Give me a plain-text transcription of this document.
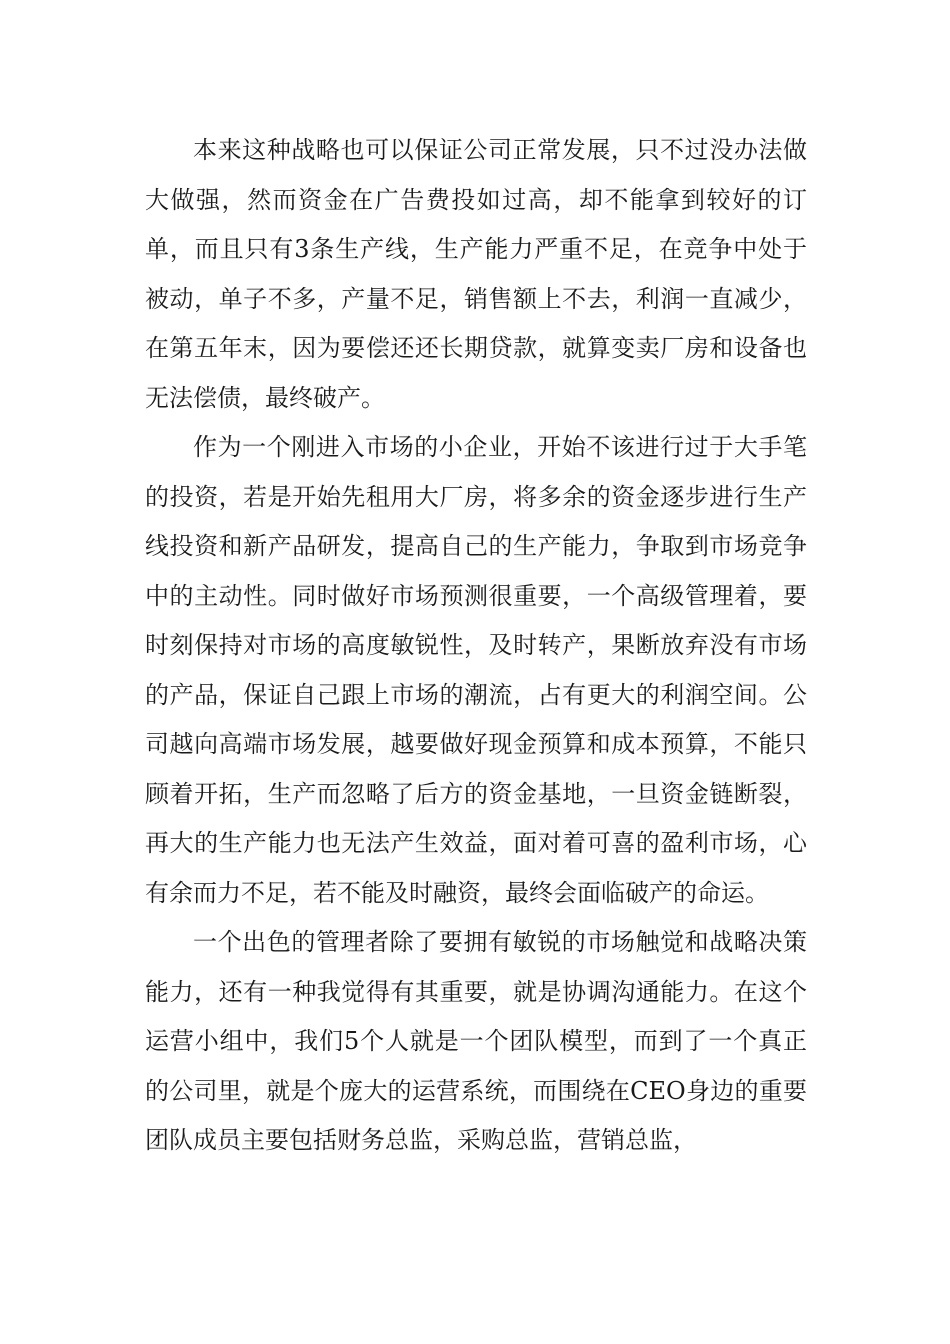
本来这种战略也可以保证公司正常发展，只不过没办法做大做强，然而资金在广告费投如过高，却不能拿到较好的订单，而且只有3条生产线，生产能力严重不足，在竞争中处于被动，单子不多，产量不足，销售额上不去，利润一直减少，在第五年末，因为要偿还还长期贷款，就算变卖厂房和设备也无法偿债，最终破产。

作为一个刚进入市场的小企业，开始不该进行过于大手笔的投资，若是开始先租用大厂房，将多余的资金逐步进行生产线投资和新产品研发，提高自己的生产能力，争取到市场竞争中的主动性。同时做好市场预测很重要，一个高级管理着，要时刻保持对市场的高度敏锐性，及时转产，果断放弃没有市场的产品，保证自己跟上市场的潮流，占有更大的利润空间。公司越向高端市场发展，越要做好现金预算和成本预算，不能只顾着开拓，生产而忽略了后方的资金基地，一旦资金链断裂，再大的生产能力也无法产生效益，面对着可喜的盈利市场，心有余而力不足，若不能及时融资，最终会面临破产的命运。

一个出色的管理者除了要拥有敏锐的市场触觉和战略决策能力，还有一种我觉得有其重要，就是协调沟通能力。在这个运营小组中，我们5个人就是一个团队模型，而到了一个真正的公司里，就是个庞大的运营系统，而围绕在CEO身边的重要团队成员主要包括财务总监，采购总监，营销总监，
